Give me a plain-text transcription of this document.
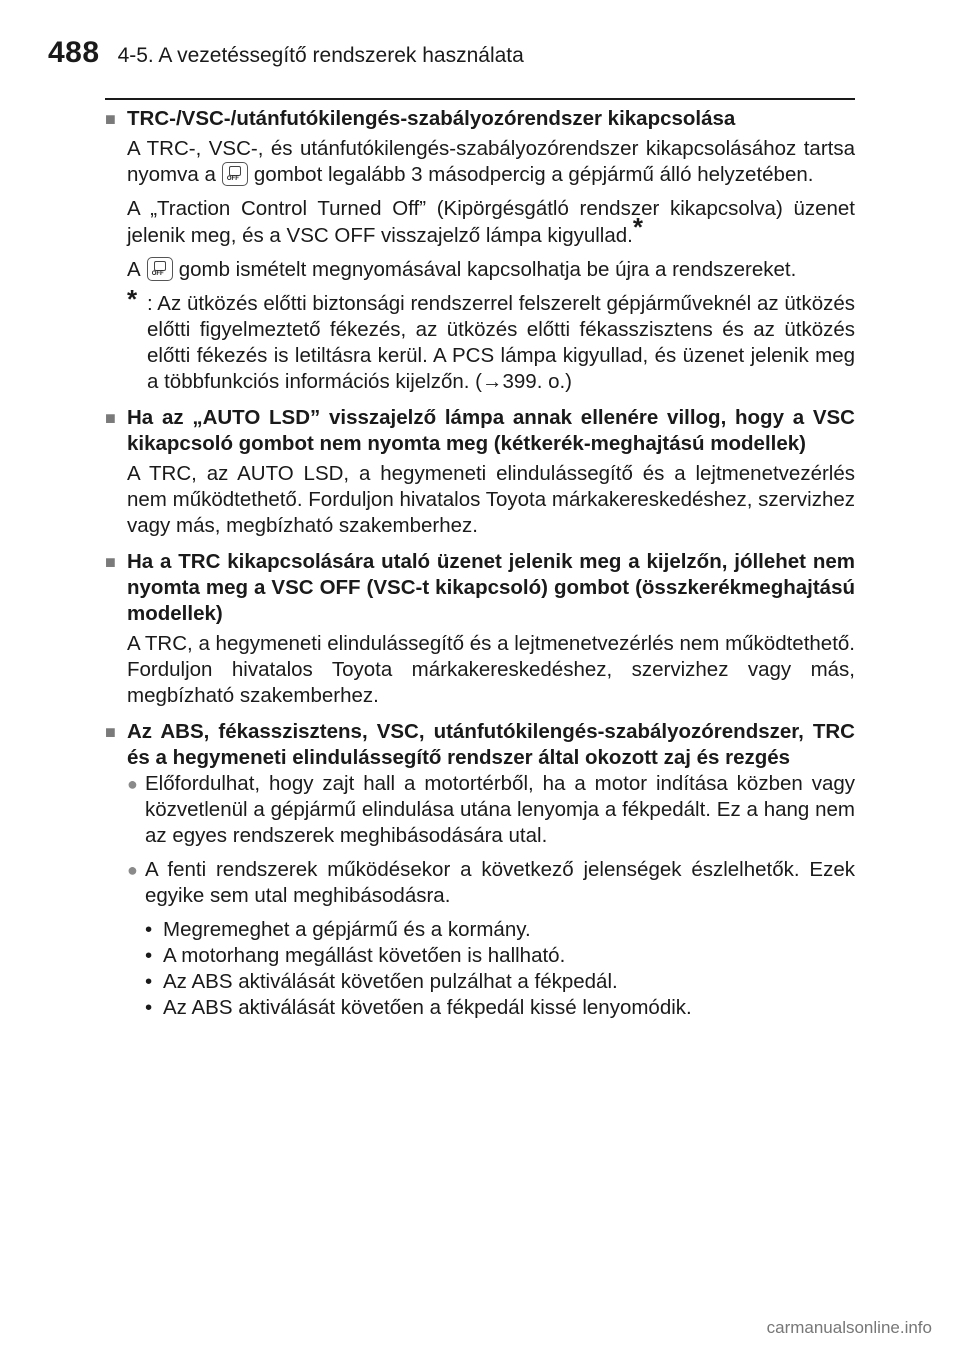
488 4-5. A vezetéssegítő rendszerek használata
■ TRC-/VSC-/utánfutókilengés-szabályozórendszer kikapcsolása
A TRC-, VSC-, és utánfutókilengés-szabályozórendszer kikapcsolásához tartsa nyomva a OFF gombot legalább 3 másodpercig a gépjármű álló helyzetében.
A „Traction Control Turned Off” (Kipörgésgátló rendszer kikapcsolva) üzenet jelenik meg, és a VSC OFF visszajelző lámpa kigyullad.*
A OFF gomb ismételt megnyomásával kapcsolhatja be újra a rendszereket.
* : Az ütközés előtti biztonsági rendszerrel felszerelt gépjárműveknél az ütközés előtti figyelmeztető fékezés, az ütközés előtti fékasszisztens és az ütközés előtti fékezés is letiltásra kerül. A PCS lámpa kigyullad, és üzenet jelenik meg a többfunkciós információs kijelzőn. (→399. o.)
■ Ha az „AUTO LSD” visszajelző lámpa annak ellenére villog, hogy a VSC kikapcsoló gombot nem nyomta meg (kétkerék-meghajtású modellek)
A TRC, az AUTO LSD, a hegymeneti elindulássegítő és a lejtmenetvezérlés nem működtethető. Forduljon hivatalos Toyota márkakereskedéshez, szervizhez vagy más, megbízható szakemberhez.
■ Ha a TRC kikapcsolására utaló üzenet jelenik meg a kijelzőn, jóllehet nem nyomta meg a VSC OFF (VSC-t kikapcsoló) gombot (összkerékmeghajtású modellek)
A TRC, a hegymeneti elindulássegítő és a lejtmenetvezérlés nem működtethető. Forduljon hivatalos Toyota márkakereskedéshez, szervizhez vagy más, megbízható szakemberhez.
■ Az ABS, fékasszisztens, VSC, utánfutókilengés-szabályozórendszer, TRC és a hegymeneti elindulássegítő rendszer által okozott zaj és rezgés
● Előfordulhat, hogy zajt hall a motortérből, ha a motor indítása közben vagy közvetlenül a gépjármű elindulása utána lenyomja a fékpedált. Ez a hang nem az egyes rendszerek meghibásodására utal.
● A fenti rendszerek működésekor a következő jelenségek észlelhetők. Ezek egyike sem utal meghibásodásra.
• Megremeghet a gépjármű és a kormány.
• A motorhang megállást követően is hallható.
• Az ABS aktiválását követően pulzálhat a fékpedál.
• Az ABS aktiválását követően a fékpedál kissé lenyomódik.
carmanualsonline.info
